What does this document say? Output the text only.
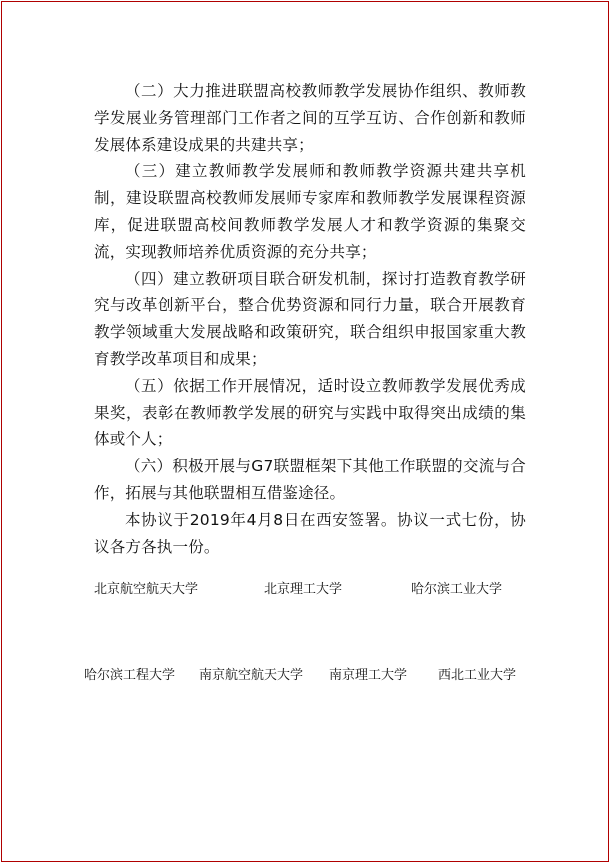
（二）大力推进联盟高校教师教学发展协作组织、教师教学发展业务管理部门工作者之间的互学互访、合作创新和教师发展体系建设成果的共建共享；

（三）建立教师教学发展师和教师教学资源共建共享机制，建设联盟高校教师发展师专家库和教师教学发展课程资源库，促进联盟高校间教师教学发展人才和教学资源的集聚交流，实现教师培养优质资源的充分共享；

（四）建立教研项目联合研发机制，探讨打造教育教学研究与改革创新平台，整合优势资源和同行力量，联合开展教育教学领域重大发展战略和政策研究，联合组织申报国家重大教育教学改革项目和成果；

（五）依据工作开展情况，适时设立教师教学发展优秀成果奖，表彰在教师教学发展的研究与实践中取得突出成绩的集体或个人；

（六）积极开展与G7联盟框架下其他工作联盟的交流与合作，拓展与其他联盟相互借鉴途径。

本协议于2019年4月8日在西安签署。协议一式七份，协议各方各执一份。

北京航空航天大学	北京理工大学	哈尔滨工业大学
哈尔滨工程大学 南京航空航天大学 南京理工大学 西北工业大学
